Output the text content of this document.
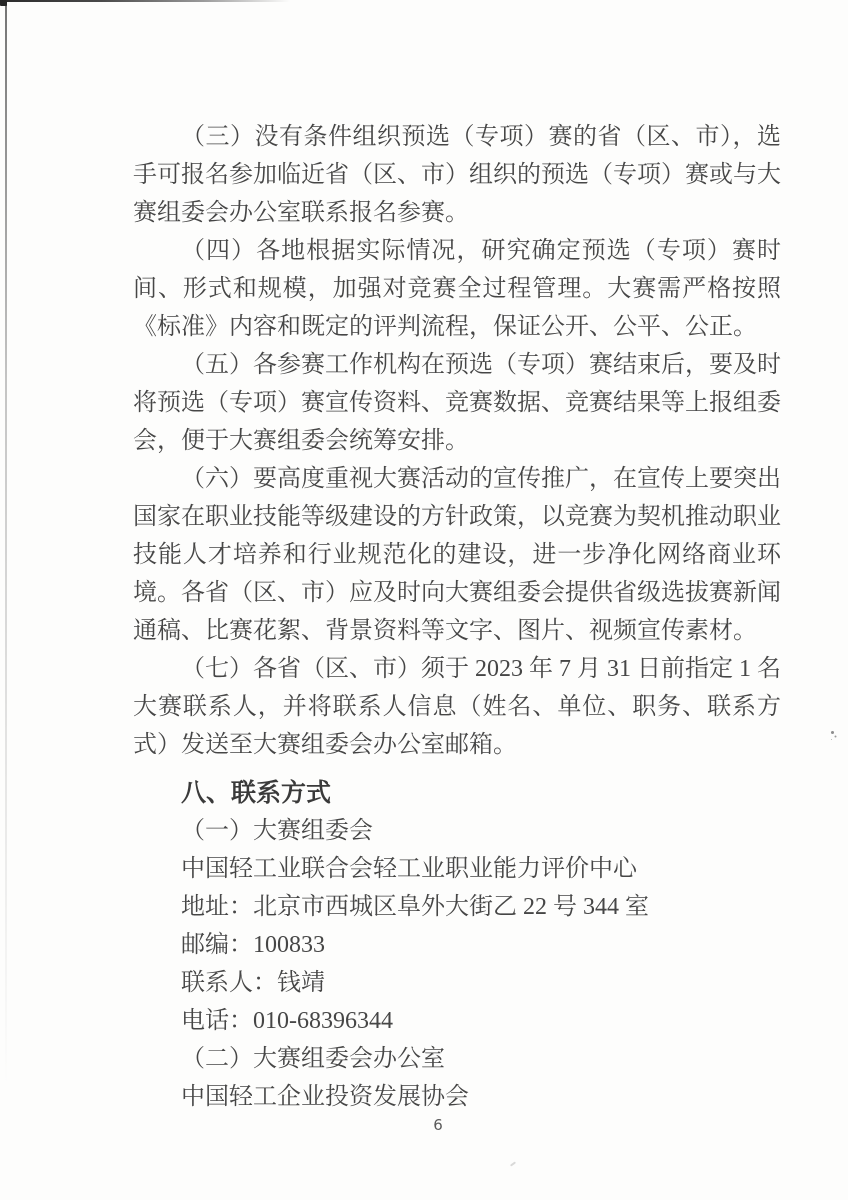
（三）没有条件组织预选（专项）赛的省（区、市），选手可报名参加临近省（区、市）组织的预选（专项）赛或与大赛组委会办公室联系报名参赛。

（四）各地根据实际情况，研究确定预选（专项）赛时间、形式和规模，加强对竞赛全过程管理。大赛需严格按照《标准》内容和既定的评判流程，保证公开、公平、公正。

（五）各参赛工作机构在预选（专项）赛结束后，要及时将预选（专项）赛宣传资料、竞赛数据、竞赛结果等上报组委会，便于大赛组委会统筹安排。

（六）要高度重视大赛活动的宣传推广，在宣传上要突出国家在职业技能等级建设的方针政策，以竞赛为契机推动职业技能人才培养和行业规范化的建设，进一步净化网络商业环境。各省（区、市）应及时向大赛组委会提供省级选拔赛新闻通稿、比赛花絮、背景资料等文字、图片、视频宣传素材。

（七）各省（区、市）须于 2023 年 7 月 31 日前指定 1 名大赛联系人，并将联系人信息（姓名、单位、职务、联系方式）发送至大赛组委会办公室邮箱。

八、联系方式

（一）大赛组委会

中国轻工业联合会轻工业职业能力评价中心

地址：北京市西城区阜外大街乙 22 号 344 室

邮编：100833

联系人：钱靖

电话：010-68396344

（二）大赛组委会办公室

中国轻工企业投资发展协会

6
